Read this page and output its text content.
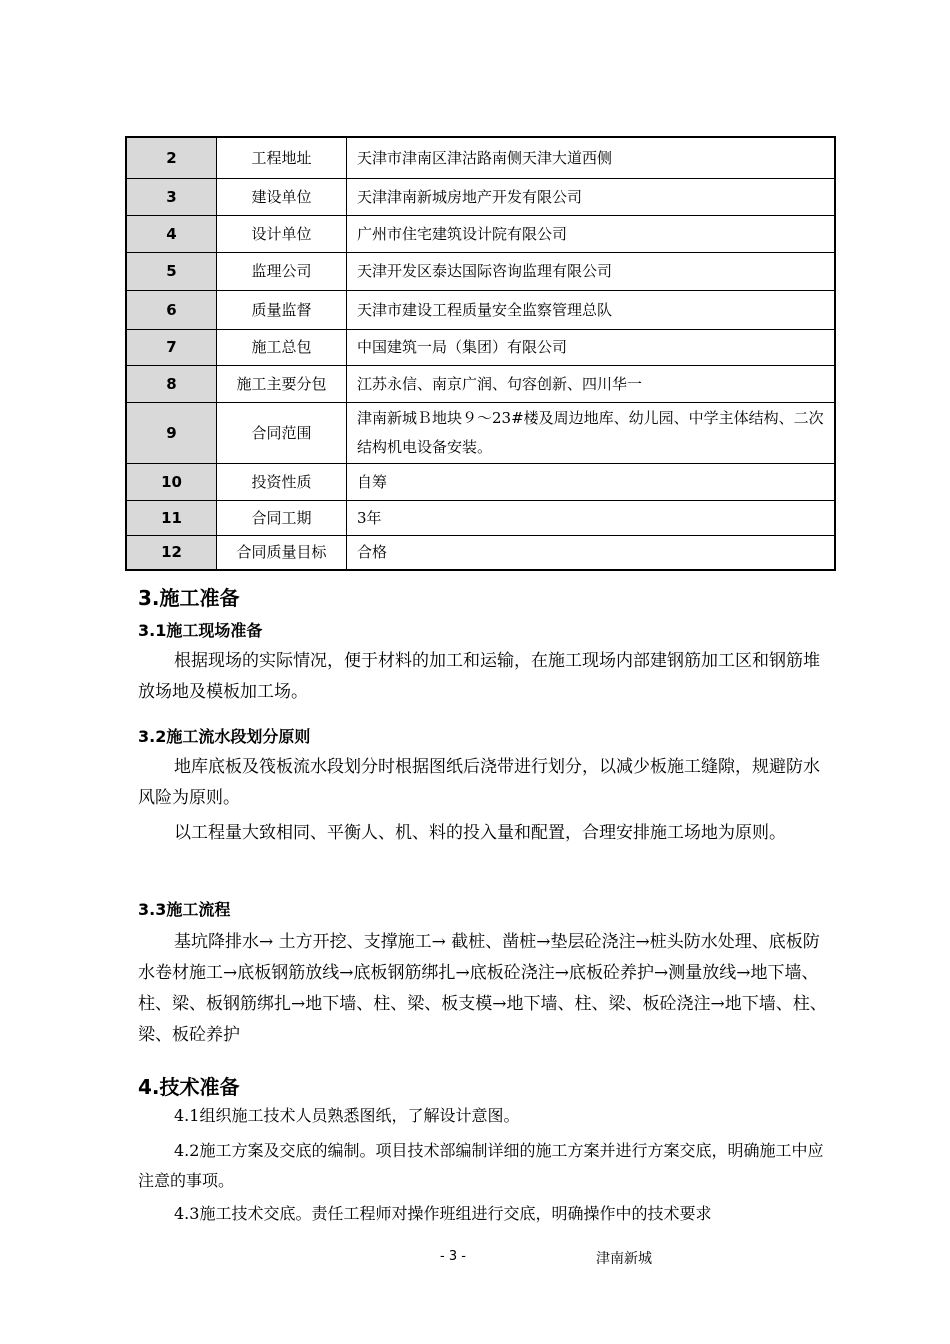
2	工程地址	天津市津南区津沽路南侧天津大道西侧
3	建设单位	天津津南新城房地产开发有限公司
4	设计单位	广州市住宅建筑设计院有限公司
5	监理公司	天津开发区泰达国际咨询监理有限公司
6	质量监督	天津市建设工程质量安全监察管理总队
7	施工总包	中国建筑一局（集团）有限公司
8	施工主要分包	江苏永信、南京广润、句容创新、四川华一
9	合同范围	津南新城Ｂ地块９～23#楼及周边地库、幼儿园、中学主体结构、二次结构机电设备安装。
10	投资性质	自筹
11	合同工期	3年
12	合同质量目标	合格
3.施工准备
3.1施工现场准备

根据现场的实际情况，便于材料的加工和运输，在施工现场内部建钢筋加工区和钢筋堆放场地及模板加工场。

3.2施工流水段划分原则

地库底板及筏板流水段划分时根据图纸后浇带进行划分，以减少板施工缝隙，规避防水风险为原则。

以工程量大致相同、平衡人、机、料的投入量和配置，合理安排施工场地为原则。

3.3施工流程

基坑降排水→ 土方开挖、支撑施工→ 截桩、凿桩→垫层砼浇注→桩头防水处理、底板防水卷材施工→底板钢筋放线→底板钢筋绑扎→底板砼浇注→底板砼养护→测量放线→地下墙、柱、梁、板钢筋绑扎→地下墙、柱、梁、板支模→地下墙、柱、梁、板砼浇注→地下墙、柱、梁、板砼养护

4.技术准备

4.1组织施工技术人员熟悉图纸，了解设计意图。

4.2施工方案及交底的编制。项目技术部编制详细的施工方案并进行方案交底，明确施工中应注意的事项。

4.3施工技术交底。责任工程师对操作班组进行交底，明确操作中的技术要求

- 3 -	津南新城
